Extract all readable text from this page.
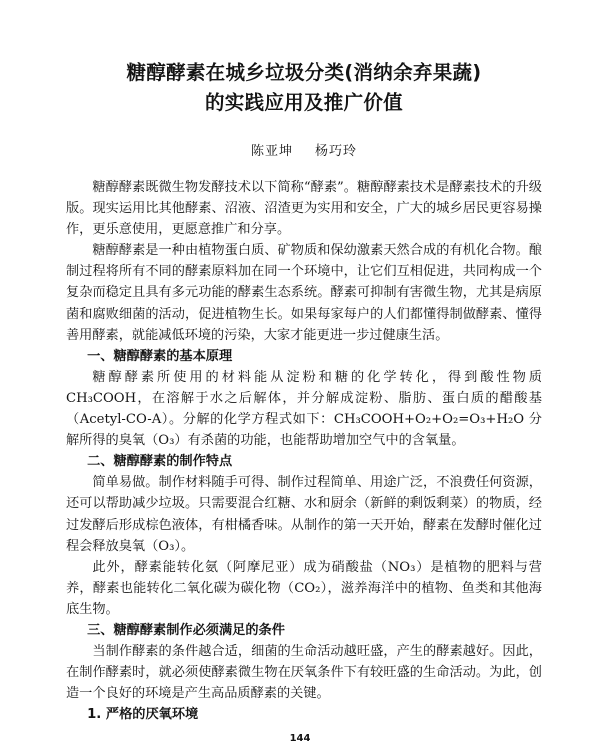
糖醇酵素在城乡垃圾分类(消纳余弃果蔬)
的实践应用及推广价值
陈亚坤 杨巧玲

糖醇酵素既微生物发酵技术以下简称“酵素”。糖醇酵素技术是酵素技术的升级版。现实运用比其他酵素、沼液、沼渣更为实用和安全，广大的城乡居民更容易操作，更乐意使用，更愿意推广和分享。

糖醇酵素是一种由植物蛋白质、矿物质和保幼激素天然合成的有机化合物。酿制过程将所有不同的酵素原料加在同一个环境中，让它们互相促进，共同构成一个复杂而稳定且具有多元功能的酵素生态系统。酵素可抑制有害微生物，尤其是病原菌和腐败细菌的活动，促进植物生长。如果每家每户的人们都懂得制做酵素、懂得善用酵素，就能减低环境的污染，大家才能更进一步过健康生活。

一、糖醇酵素的基本原理

糖醇酵素所使用的材料能从淀粉和糖的化学转化，得到酸性物质CH₃COOH，在溶解于水之后解体，并分解成淀粉、脂肪、蛋白质的醋酸基（Acetyl-CO-A）。分解的化学方程式如下：CH₃COOH+O₂+O₂=O₃+H₂O 分解所得的臭氧（O₃）有杀菌的功能，也能帮助增加空气中的含氧量。

二、糖醇酵素的制作特点

简单易做。制作材料随手可得、制作过程简单、用途广泛，不浪费任何资源，还可以帮助减少垃圾。只需要混合红糖、水和厨余（新鲜的剩饭剩菜）的物质，经过发酵后形成棕色液体，有柑橘香味。从制作的第一天开始，酵素在发酵时催化过程会释放臭氧（O₃）。

此外，酵素能转化氨（阿摩尼亚）成为硝酸盐（NO₃）是植物的肥料与营养，酵素也能转化二氧化碳为碳化物（CO₂），滋养海洋中的植物、鱼类和其他海底生物。

三、糖醇酵素制作必须满足的条件

当制作酵素的条件越合适，细菌的生命活动越旺盛，产生的酵素越好。因此，在制作酵素时，就必须使酵素微生物在厌氧条件下有较旺盛的生命活动。为此，创造一个良好的环境是产生高品质酵素的关键。

1. 严格的厌氧环境

144
